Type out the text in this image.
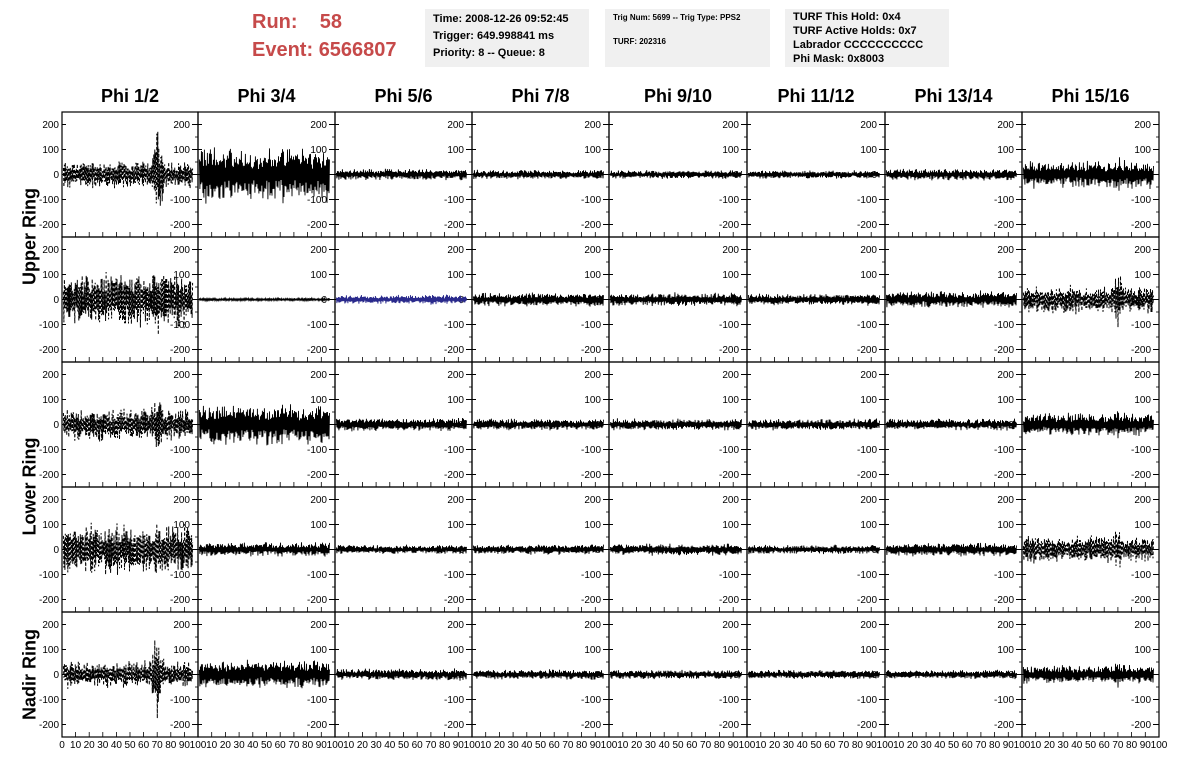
Run: 58
Event: 6566807
Time: 2008-12-26 09:52:45
Trigger: 649.998841 ms
Priority: 8 -- Queue: 8
Trig Num: 5699 -- Trig Type: PPS2

TURF: 202316
TURF This Hold: 0x4
TURF Active Holds: 0x7
Labrador CCCCCCCCCC
Phi Mask: 0x8003
Phi 1/2	Phi 3/4	Phi 5/6	Phi 7/8	Phi 9/10	Phi 11/12	Phi 13/14	Phi 15/16
Upper Ring
Lower Ring
Nadir Ring
-200
-100
0
100
200
-200
-100
0
100
200
-200
-100
0
100
200
-200
-100
0
100
200
-200
-100
0
100
200
-200
-100
0
100
200
-200
-100
0
100
200
-200
-100
0
100
200
-200
-100
0
100
200
-200
-100
0
100
200
-200
-100
0
100
200
-200
-100
0
100
200
-200
-100
0
100
200
-200
-100
0
100
200
-200
-100
0
100
200
-200
-100
0
100
200
-200
-100
0
100
200
-200
-100
0
100
200
-200
-100
0
100
200
-200
-100
0
100
200
-200
-100
0
100
200
-200
-100
0
100
200
-200
-100
0
100
200
-200
-100
0
100
200
-200
-100
0
100
200
-200
-100
0
100
200
-200
-100
0
100
200
-200
-100
0
100
200
-200
-100
0
100
200
-200
-100
0
100
200
-200
-100
0
100
200
-200
-100
0
100
200
-200
-100
0
100
200
-200
-100
0
100
200
-200
-100
0
100
200
-200
-100
0
100
200
-200
-100
0
100
200
-200
-100
0
100
200
-200
-100
0
100
200
-200
-100
0
100
200
-200
-100
0
100
200
-200
-100
0
100
200
-200
-100
0
100
200
-200
-100
0
100
200
-200
-100
0
100
200
0 10 20 30 40 50 60 70 80 90 100 10 20 30 40 50 60 70 80 90 100 10 20 30 40 50 60 70 80 90 100 10 20 30 40 50 60 70 80 90 100 10 20 30 40 50 60 70 80 90 100 10 20 30 40 50 60 70 80 90 100 10 20 30 40 50 60 70 80 90 100 10 20 30 40 50 60 70 80 90 100
